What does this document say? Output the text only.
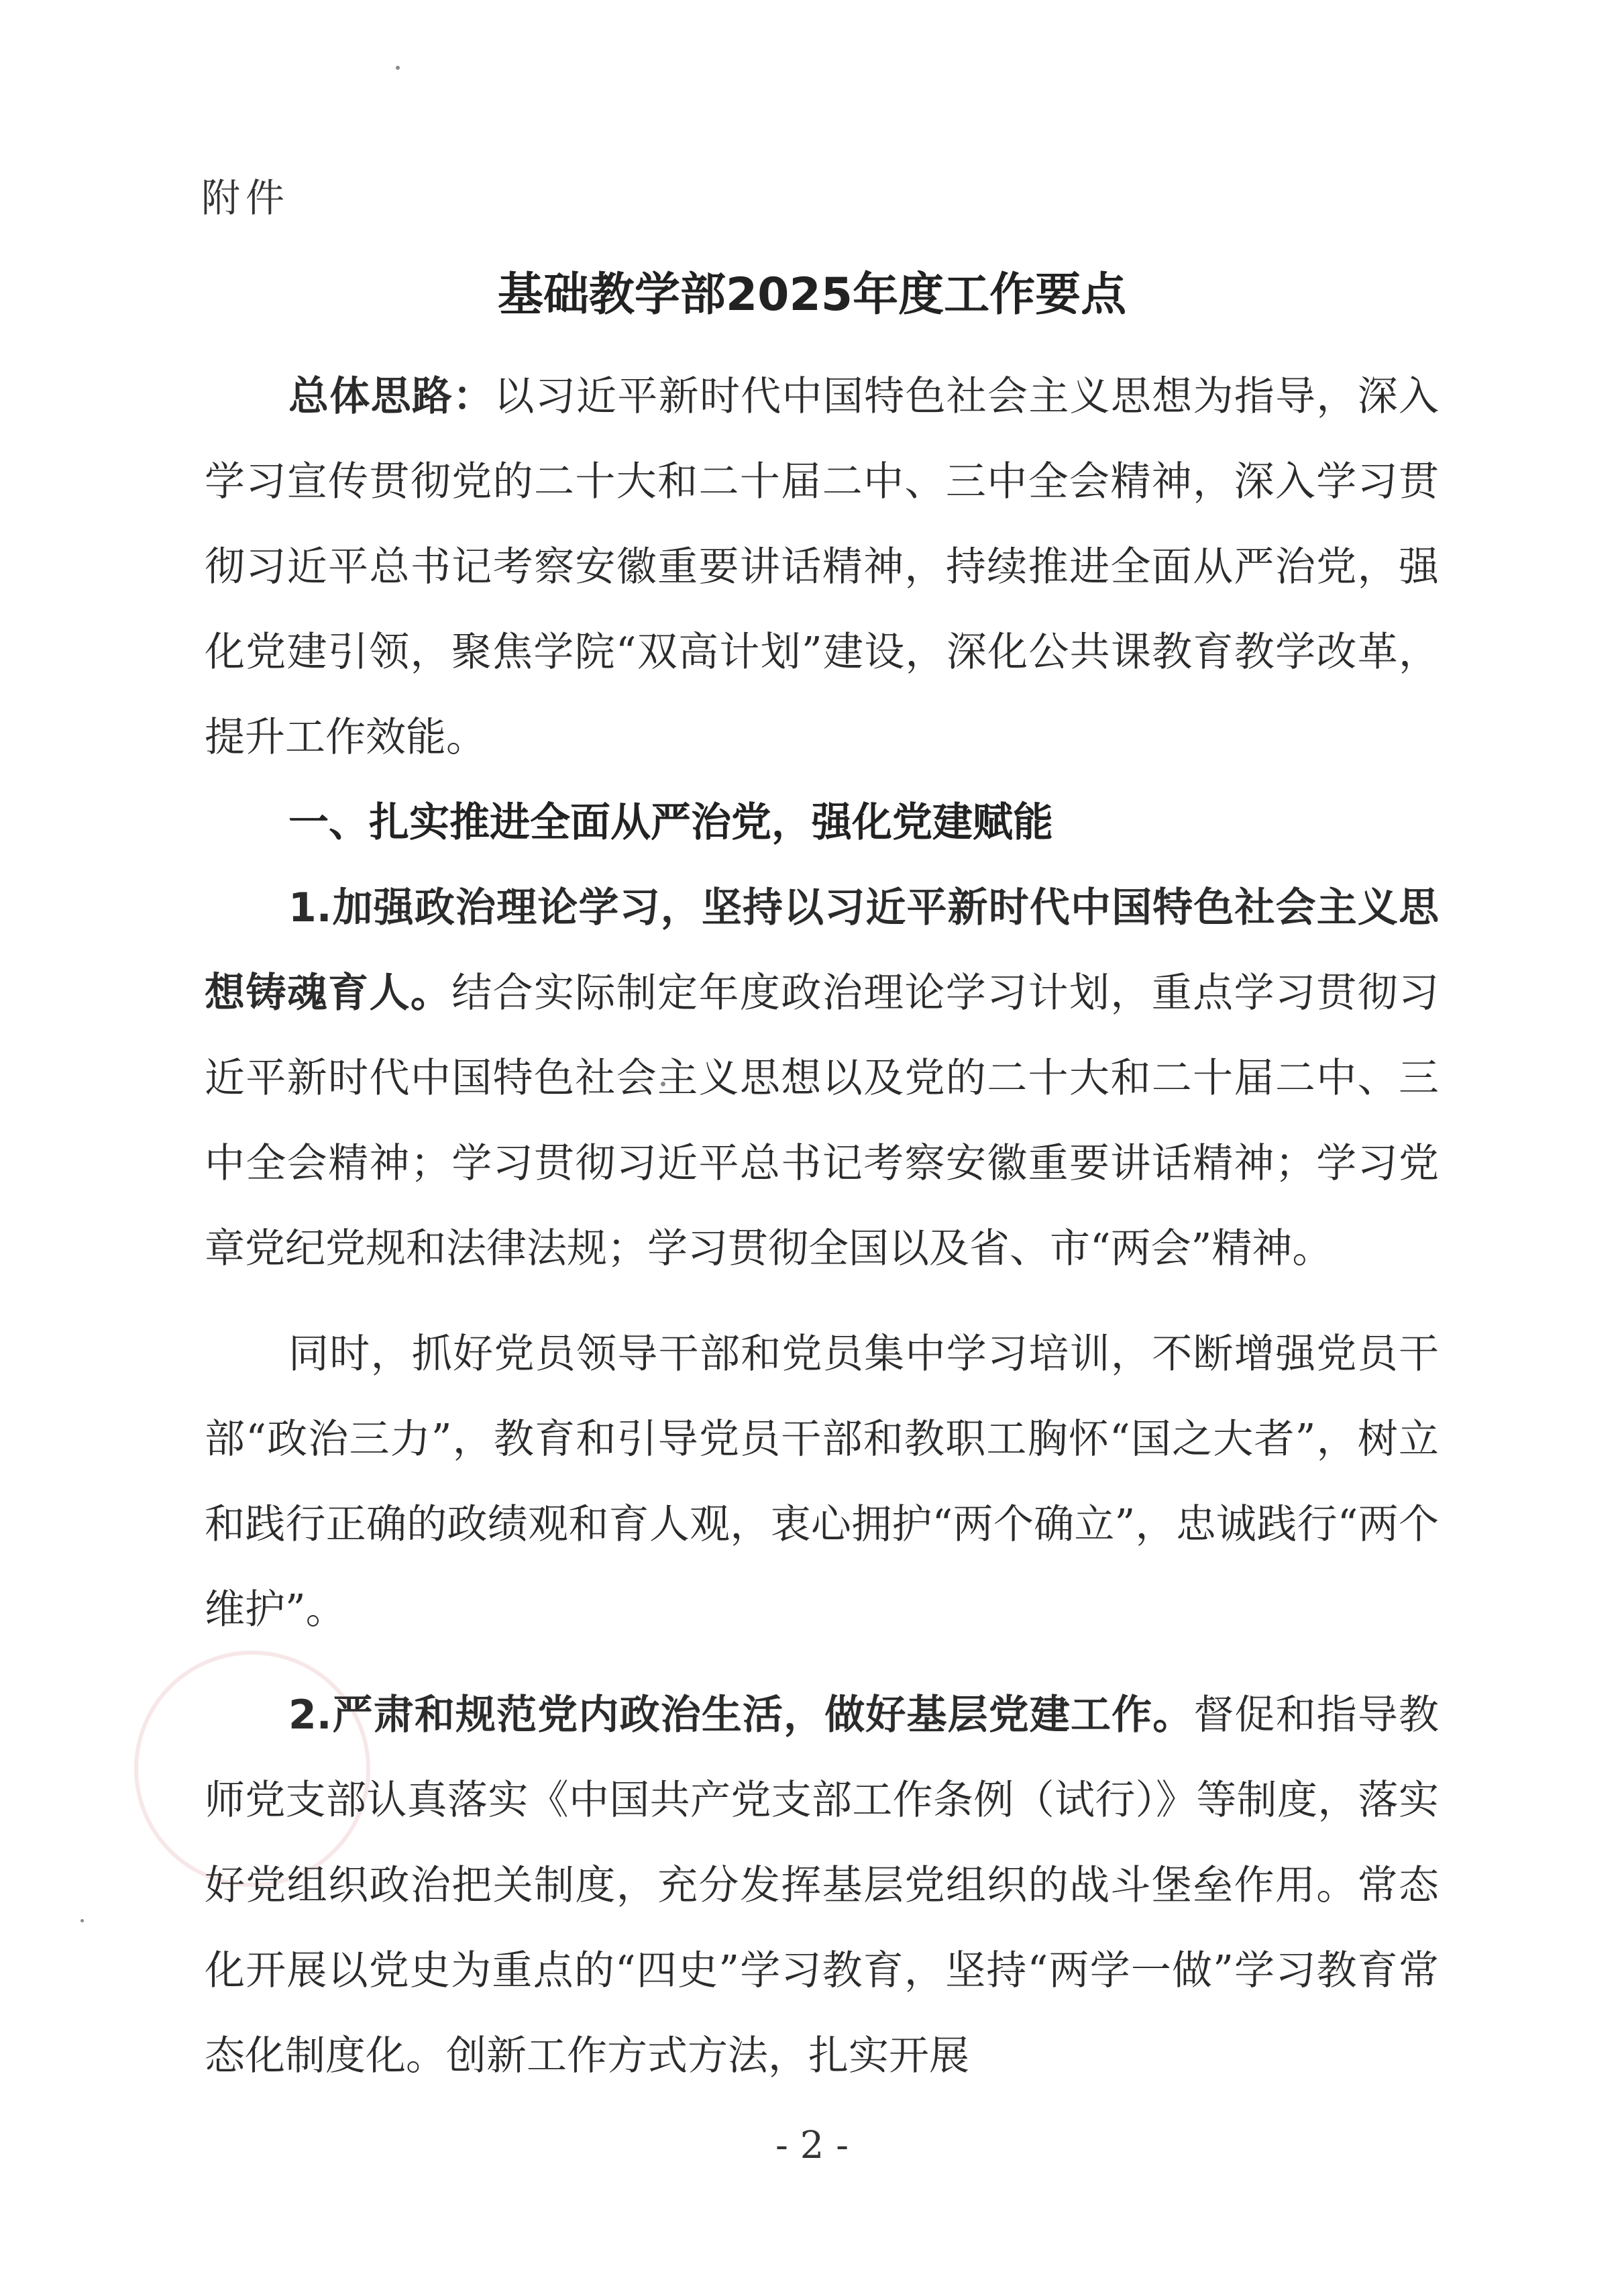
附件
基础教学部2025年度工作要点

总体思路：以习近平新时代中国特色社会主义思想为指导，深入学习宣传贯彻党的二十大和二十届二中、三中全会精神，深入学习贯彻习近平总书记考察安徽重要讲话精神，持续推进全面从严治党，强化党建引领，聚焦学院“双高计划”建设，深化公共课教育教学改革，提升工作效能。

一、扎实推进全面从严治党，强化党建赋能

1.加强政治理论学习，坚持以习近平新时代中国特色社会主义思想铸魂育人。结合实际制定年度政治理论学习计划，重点学习贯彻习近平新时代中国特色社会主义思想以及党的二十大和二十届二中、三中全会精神；学习贯彻习近平总书记考察安徽重要讲话精神；学习党章党纪党规和法律法规；学习贯彻全国以及省、市“两会”精神。

同时，抓好党员领导干部和党员集中学习培训，不断增强党员干部“政治三力”，教育和引导党员干部和教职工胸怀“国之大者”，树立和践行正确的政绩观和育人观，衷心拥护“两个确立”，忠诚践行“两个维护”。

2.严肃和规范党内政治生活，做好基层党建工作。督促和指导教师党支部认真落实《中国共产党支部工作条例（试行）》等制度，落实好党组织政治把关制度，充分发挥基层党组织的战斗堡垒作用。常态化开展以党史为重点的“四史”学习教育，坚持“两学一做”学习教育常态化制度化。创新工作方式方法，扎实开展

- 2 -
